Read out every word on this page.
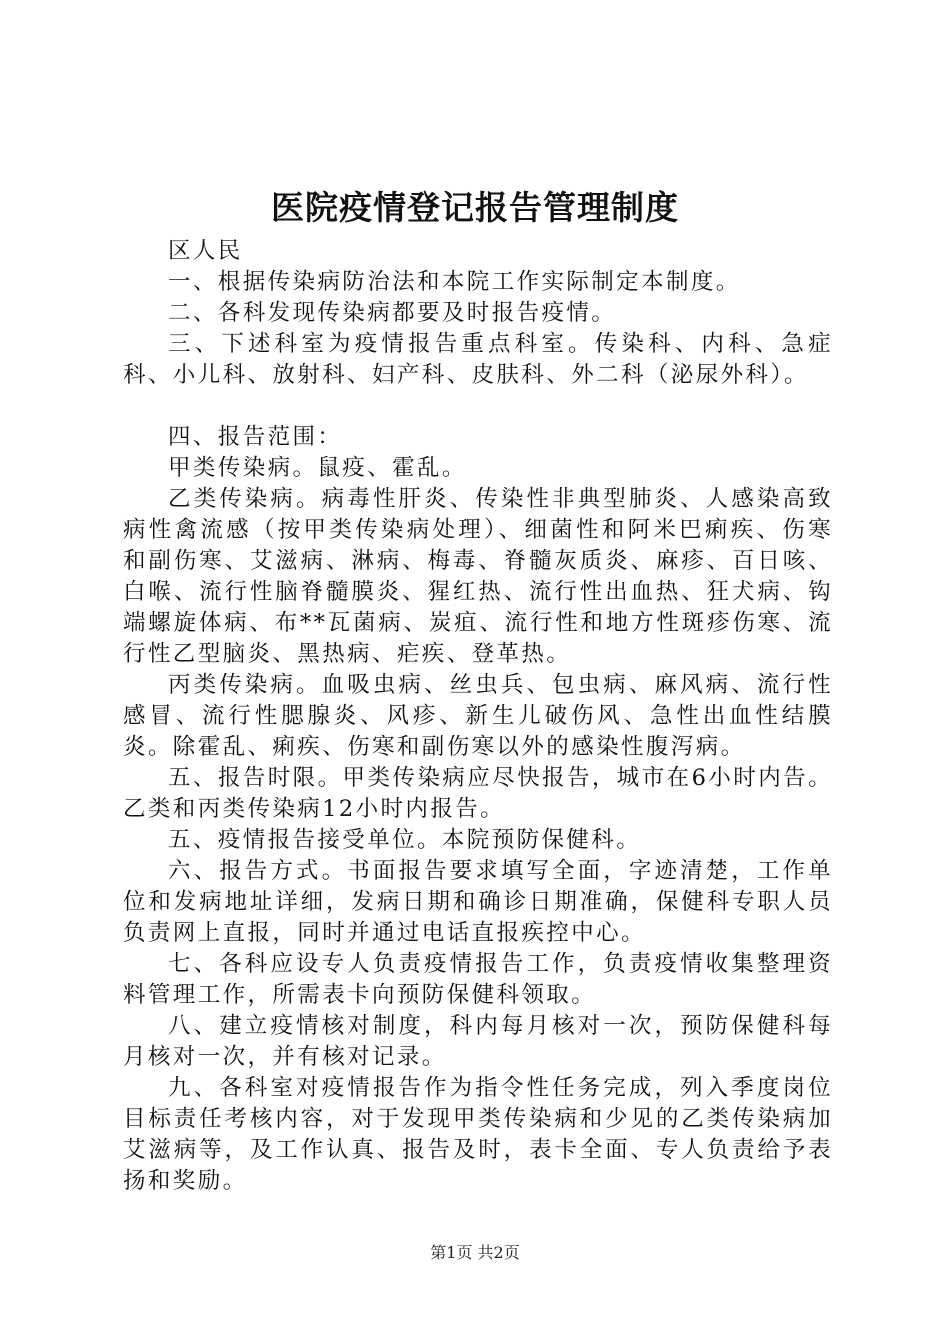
医院疫情登记报告管理制度

区人民

一、根据传染病防治法和本院工作实际制定本制度。

二、各科发现传染病都要及时报告疫情。

三、下述科室为疫情报告重点科室。传染科、内科、急症科、小儿科、放射科、妇产科、皮肤科、外二科（泌尿外科）。

四、报告范围：

甲类传染病。鼠疫、霍乱。

乙类传染病。病毒性肝炎、传染性非典型肺炎、人感染高致病性禽流感（按甲类传染病处理）、细菌性和阿米巴痢疾、伤寒和副伤寒、艾滋病、淋病、梅毒、脊髓灰质炎、麻疹、百日咳、白喉、流行性脑脊髓膜炎、猩红热、流行性出血热、狂犬病、钩端螺旋体病、布**瓦菌病、炭疽、流行性和地方性斑疹伤寒、流行性乙型脑炎、黑热病、疟疾、登革热。

丙类传染病。血吸虫病、丝虫兵、包虫病、麻风病、流行性感冒、流行性腮腺炎、风疹、新生儿破伤风、急性出血性结膜炎。除霍乱、痢疾、伤寒和副伤寒以外的感染性腹泻病。

五、报告时限。甲类传染病应尽快报告，城市在6小时内告。乙类和丙类传染病12小时内报告。

五、疫情报告接受单位。本院预防保健科。

六、报告方式。书面报告要求填写全面，字迹清楚，工作单位和发病地址详细，发病日期和确诊日期准确，保健科专职人员负责网上直报，同时并通过电话直报疾控中心。

七、各科应设专人负责疫情报告工作，负责疫情收集整理资料管理工作，所需表卡向预防保健科领取。

八、建立疫情核对制度，科内每月核对一次，预防保健科每月核对一次，并有核对记录。

九、各科室对疫情报告作为指令性任务完成，列入季度岗位目标责任考核内容，对于发现甲类传染病和少见的乙类传染病加艾滋病等，及工作认真、报告及时，表卡全面、专人负责给予表扬和奖励。

第1页 共2页
